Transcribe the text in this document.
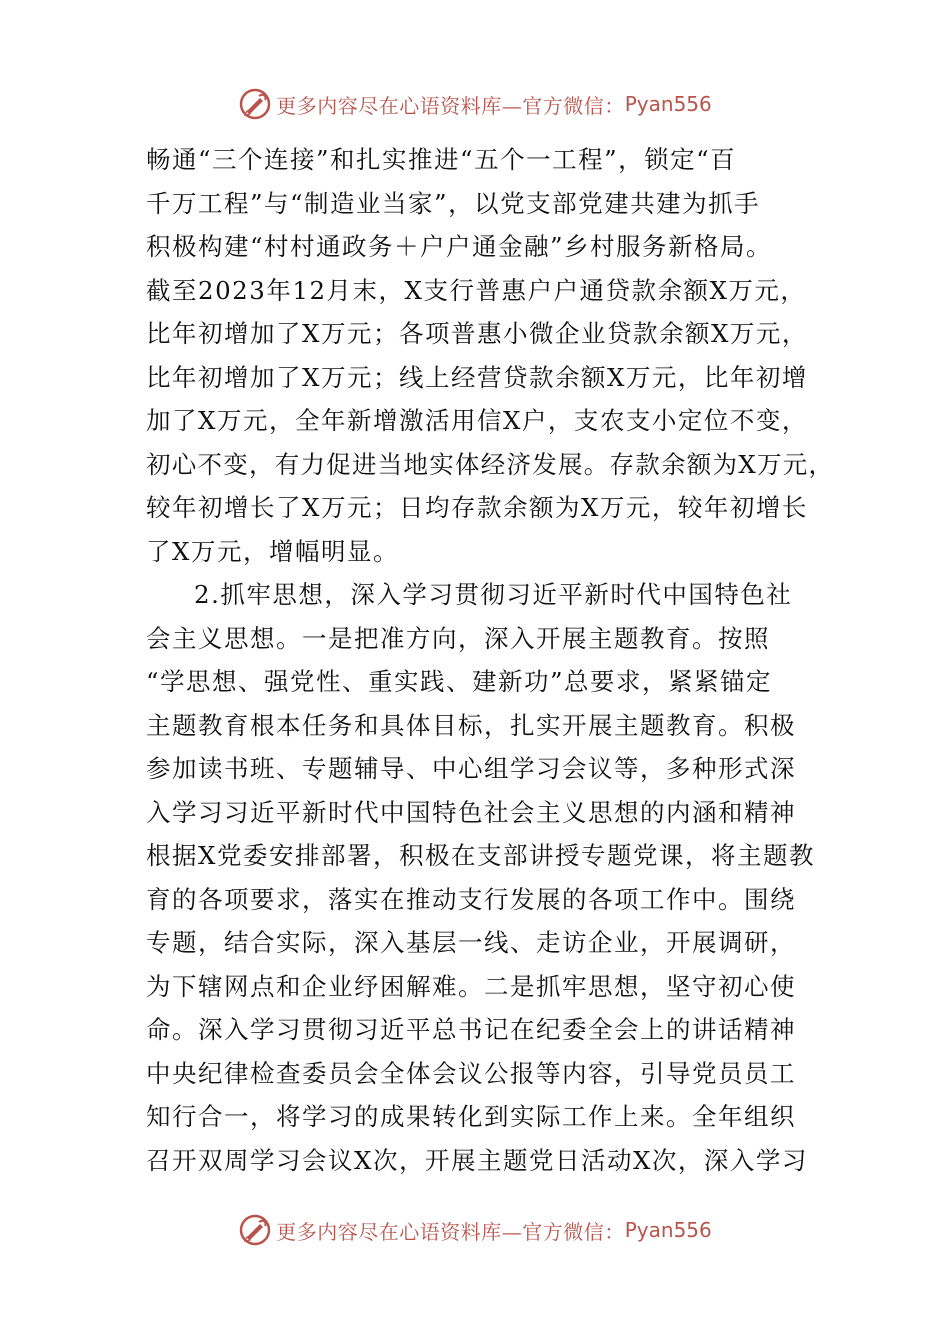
更多内容尽在心语资料库—官方微信： Pyan556
畅通“三个连接”和扎实推进“五个一工程”，锁定“百
千万工程”与“制造业当家”，以党支部党建共建为抓手
积极构建“村村通政务＋户户通金融”乡村服务新格局。
截至2023年12月末，X支行普惠户户通贷款余额X万元，
比年初增加了X万元；各项普惠小微企业贷款余额X万元，
比年初增加了X万元；线上经营贷款余额X万元，比年初增
加了X万元，全年新增激活用信X户，支农支小定位不变，
初心不变，有力促进当地实体经济发展。存款余额为X万元，
较年初增长了X万元；日均存款余额为X万元，较年初增长
了X万元，增幅明显。
2.抓牢思想，深入学习贯彻习近平新时代中国特色社
会主义思想。一是把准方向，深入开展主题教育。按照
“学思想、强党性、重实践、建新功”总要求，紧紧锚定
主题教育根本任务和具体目标，扎实开展主题教育。积极
参加读书班、专题辅导、中心组学习会议等，多种形式深
入学习习近平新时代中国特色社会主义思想的内涵和精神
根据X党委安排部署，积极在支部讲授专题党课，将主题教
育的各项要求，落实在推动支行发展的各项工作中。围绕
专题，结合实际，深入基层一线、走访企业，开展调研，
为下辖网点和企业纾困解难。二是抓牢思想，坚守初心使
命。深入学习贯彻习近平总书记在纪委全会上的讲话精神
中央纪律检查委员会全体会议公报等内容，引导党员员工
知行合一，将学习的成果转化到实际工作上来。全年组织
召开双周学习会议X次，开展主题党日活动X次，深入学习
更多内容尽在心语资料库—官方微信： Pyan556
